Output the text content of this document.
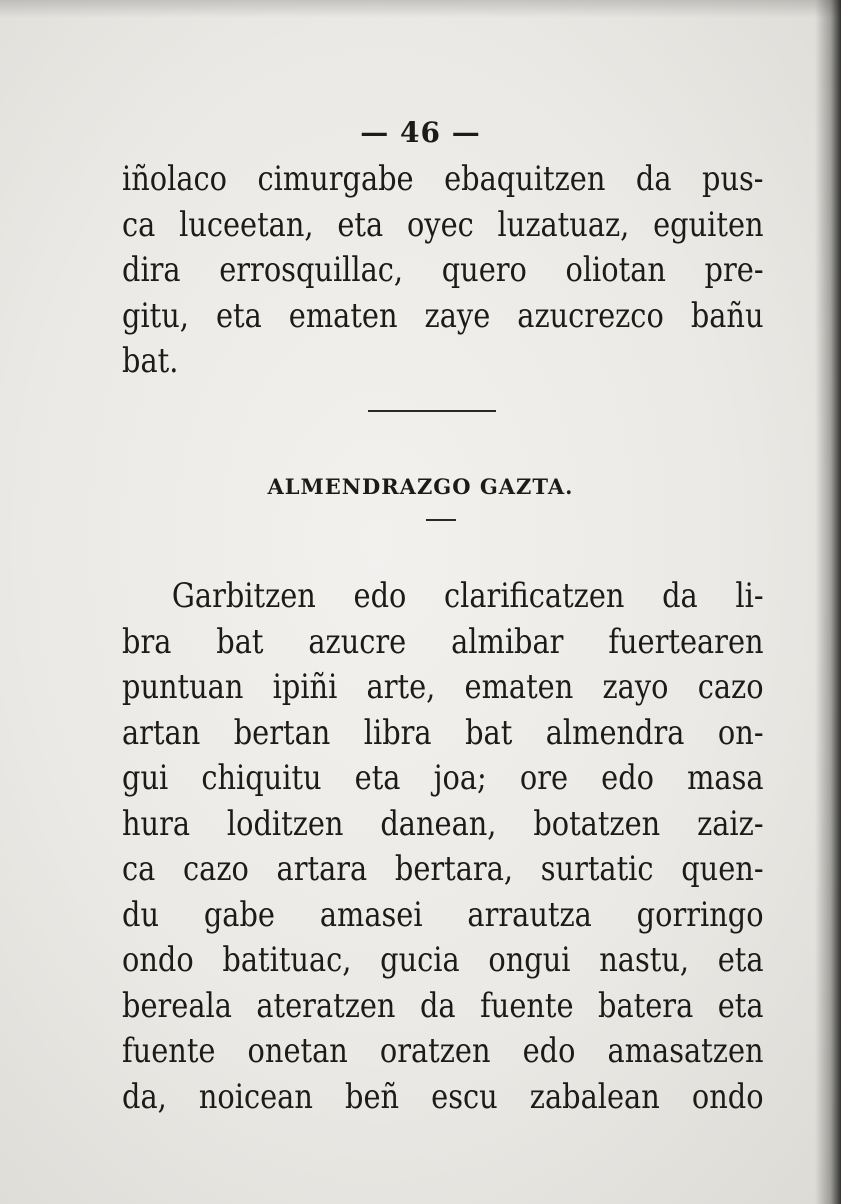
— 46 —
iñolaco cimurgabe ebaquitzen da pus-
ca luceetan, eta oyec luzatuaz, eguiten
dira errosquillac, quero oliotan pre-
gitu, eta ematen zaye azucrezco bañu
bat.
ALMENDRAZGO GAZTA.
Garbitzen edo clarificatzen da li-
bra bat azucre almibar fuertearen
puntuan ipiñi arte, ematen zayo cazo
artan bertan libra bat almendra on-
gui chiquitu eta joa; ore edo masa
hura loditzen danean, botatzen zaiz-
ca cazo artara bertara, surtatic quen-
du gabe amasei arrautza gorringo
ondo batituac, gucia ongui nastu, eta
bereala ateratzen da fuente batera eta
fuente onetan oratzen edo amasatzen
da, noicean beñ escu zabalean ondo
